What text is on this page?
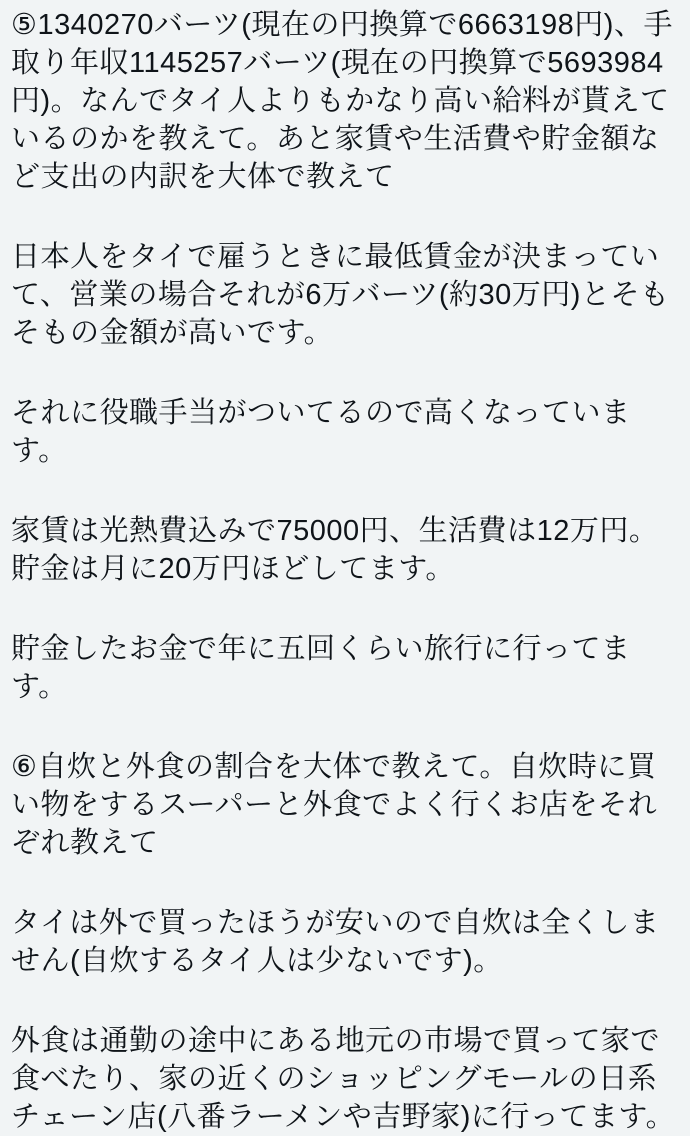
⑤1340270バーツ(現在の円換算で6663198円)、手取り年収1145257バーツ(現在の円換算で5693984円)。なんでタイ人よりもかなり高い給料が貰えているのかを教えて。あと家賃や生活費や貯金額など支出の内訳を大体で教えて

日本人をタイで雇うときに最低賃金が決まっていて、営業の場合それが6万バーツ(約30万円)とそもそもの金額が高いです。

それに役職手当がついてるので高くなっています。

家賃は光熱費込みで75000円、生活費は12万円。貯金は月に20万円ほどしてます。

貯金したお金で年に五回くらい旅行に行ってます。

⑥自炊と外食の割合を大体で教えて。自炊時に買い物をするスーパーと外食でよく行くお店をそれぞれ教えて

タイは外で買ったほうが安いので自炊は全くしません(自炊するタイ人は少ないです)。

外食は通勤の途中にある地元の市場で買って家で食べたり、家の近くのショッピングモールの日系チェーン店(八番ラーメンや吉野家)に行ってます。
